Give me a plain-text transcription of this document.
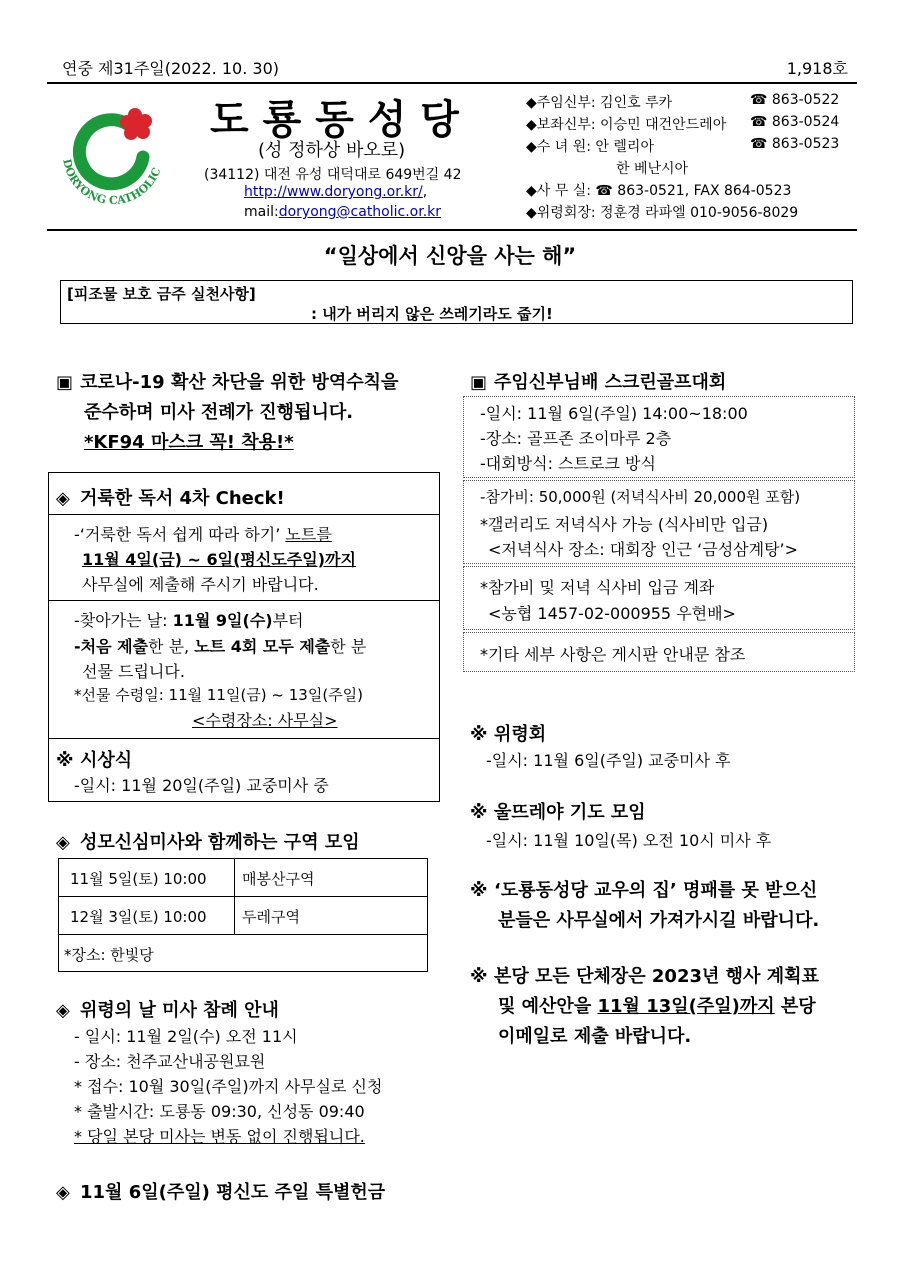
연중 제31주일(2022. 10. 30)	1,918호
DORYONG CATHOLIC
도 룡 동 성 당
(성 정하상 바오로)
(34112) 대전 유성 대덕대로 649번길 42
http://www.doryong.or.kr/,
mail:doryong@catholic.or.kr
◆주임신부: 김인호 루카	☎ 863-0522
◆보좌신부: 이승민 대건안드레아 ☎ 863-0524
◆수 녀 원: 안 렐리아	☎ 863-0523
한 베난시아
◆사 무 실: ☎ 863-0521, FAX 864-0523
◆위령회장: 정훈경 라파엘 010-9056-8029
“일상에서 신앙을 사는 해”
[피조물 보호 금주 실천사항]
: 내가 버리지 않은 쓰레기라도 줍기!
▣ 코로나-19 확산 차단을 위한 방역수칙을
준수하며 미사 전례가 진행됩니다.
*KF94 마스크 꼭! 착용!*
◈ 거룩한 독서 4차 Check!
-‘거룩한 독서 쉽게 따라 하기’ 노트를
11월 4일(금) ~ 6일(평신도주일)까지
사무실에 제출해 주시기 바랍니다.
-찾아가는 날: 11월 9일(수)부터
-처음 제출한 분, 노트 4회 모두 제출한 분
선물 드립니다.
*선물 수령일: 11월 11일(금) ~ 13일(주일)
<수령장소: 사무실>
※ 시상식
-일시: 11월 20일(주일) 교중미사 중
◈ 성모신심미사와 함께하는 구역 모임
11월 5일(토) 10:00 매봉산구역
12월 3일(토) 10:00 두레구역
*장소: 한빛당
◈ 위령의 날 미사 참례 안내
- 일시: 11월 2일(수) 오전 11시
- 장소: 천주교산내공원묘원
* 접수: 10월 30일(주일)까지 사무실로 신청
* 출발시간: 도룡동 09:30, 신성동 09:40
* 당일 본당 미사는 변동 없이 진행됩니다.
◈ 11월 6일(주일) 평신도 주일 특별헌금
▣ 주임신부님배 스크린골프대회
-일시: 11월 6일(주일) 14:00~18:00
-장소: 골프존 조이마루 2층
-대회방식: 스트로크 방식
-참가비: 50,000원 (저녁식사비 20,000원 포함)
*갤러리도 저녁식사 가능 (식사비만 입금)
<저녁식사 장소: 대회장 인근 ‘금성삼계탕’>
*참가비 및 저녁 식사비 입금 계좌
<농협 1457-02-000955 우현배>
*기타 세부 사항은 게시판 안내문 참조
※ 위령회
-일시: 11월 6일(주일) 교중미사 후
※ 울뜨레야 기도 모임
-일시: 11월 10일(목) 오전 10시 미사 후
※ ‘도룡동성당 교우의 집’ 명패를 못 받으신
분들은 사무실에서 가져가시길 바랍니다.
※ 본당 모든 단체장은 2023년 행사 계획표
및 예산안을 11월 13일(주일)까지 본당
이메일로 제출 바랍니다.
